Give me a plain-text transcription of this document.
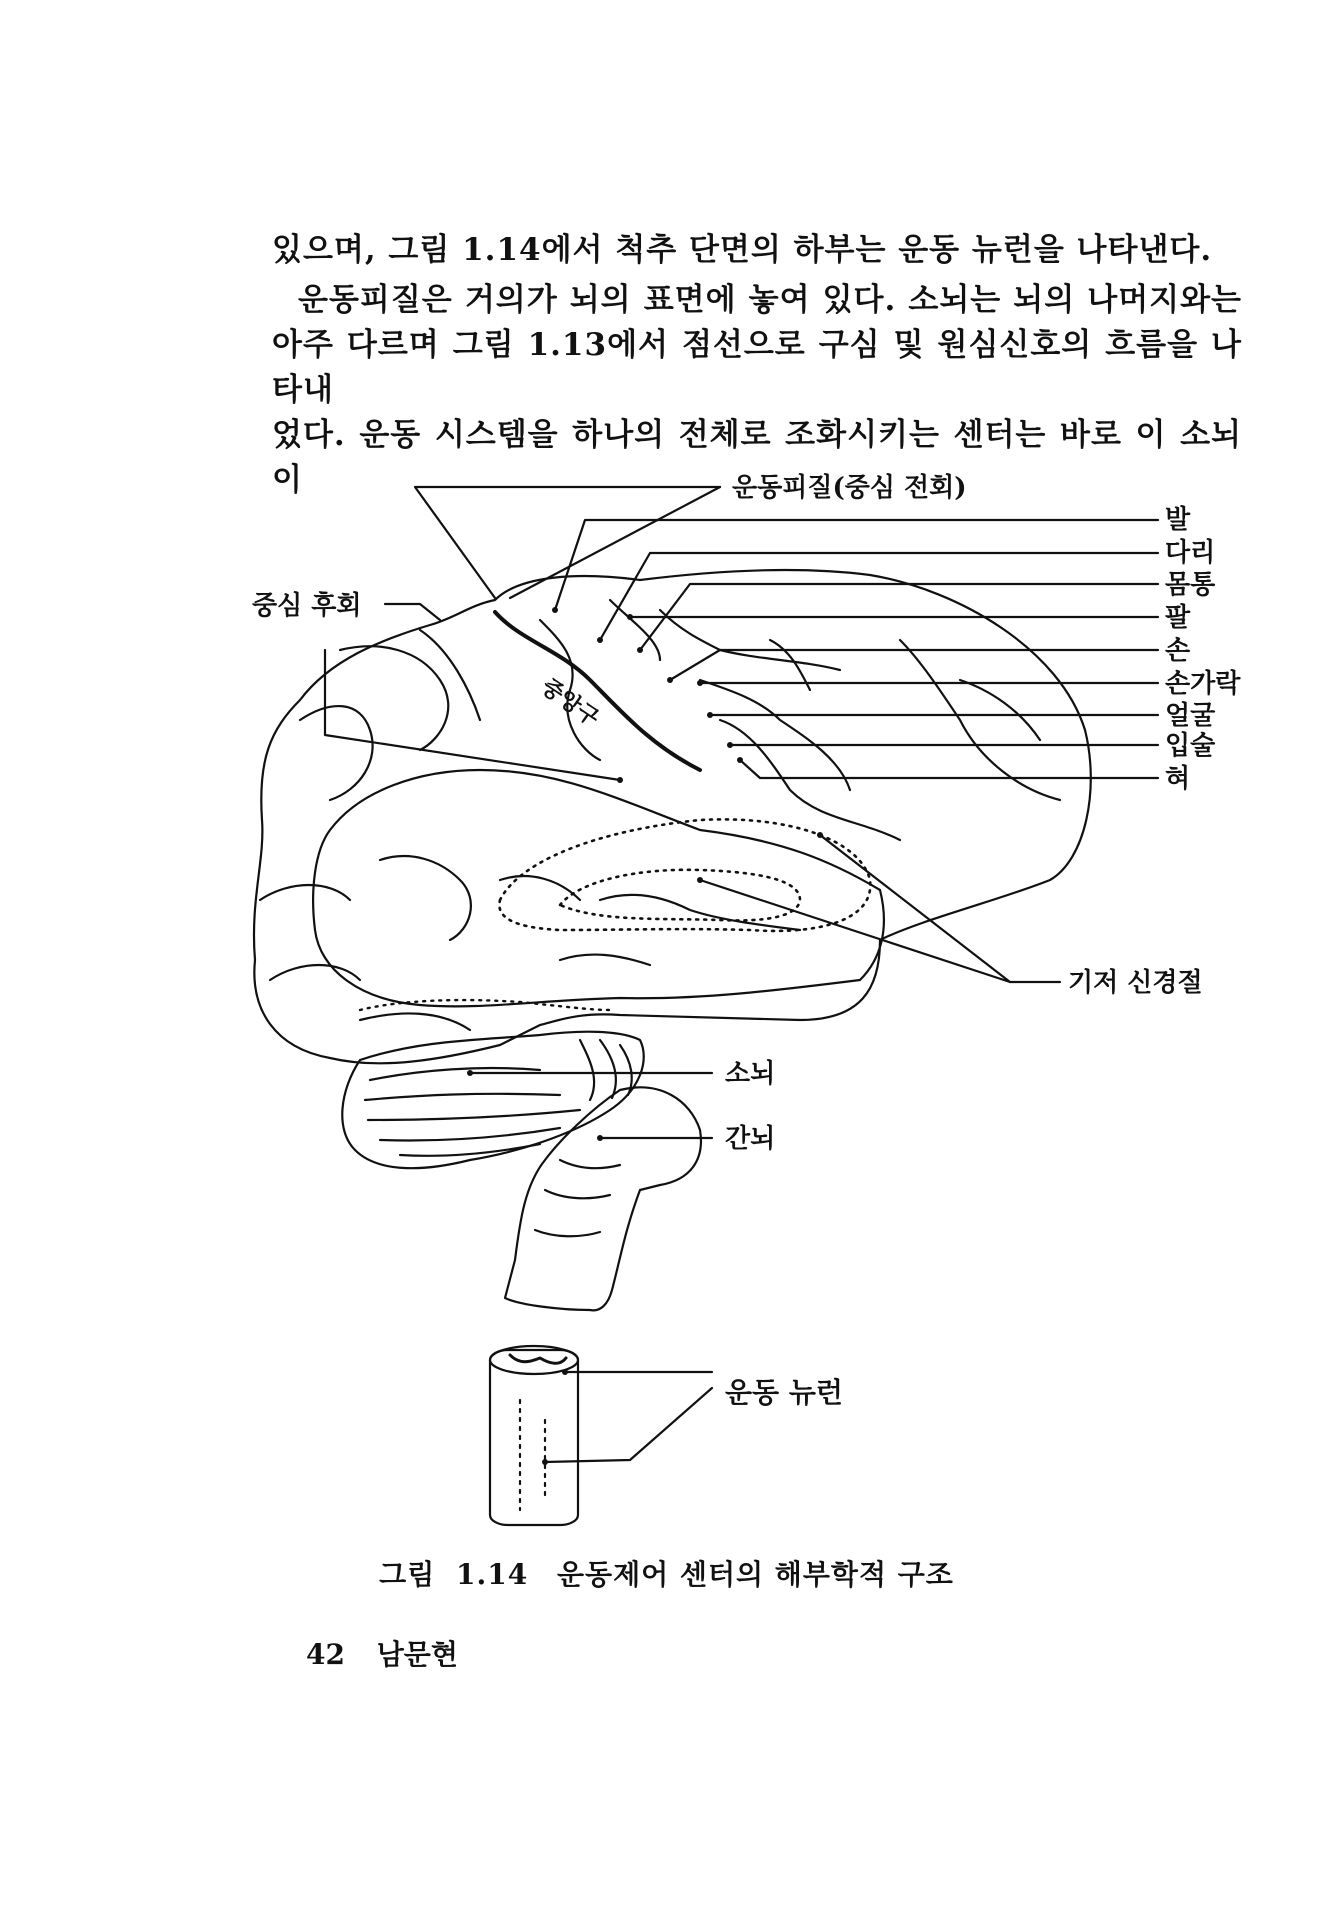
있으며, 그림 1.14에서 척추 단면의 하부는 운동 뉴런을 나타낸다.
운동피질은 거의가 뇌의 표면에 놓여 있다. 소뇌는 뇌의 나머지와는
아주 다르며 그림 1.13에서 점선으로 구심 및 원심신호의 흐름을 나타내
었다. 운동 시스템을 하나의 전체로 조화시키는 센터는 바로 이 소뇌이	운동피질(중심 전회)
중심 후회
중앙구
발
다리
몸통
팔
손
손가락
얼굴
입술
혀
기저 신경절
소뇌
간뇌
운동 뉴런
그림 1.14 운동제어 센터의 해부학적 구조
42 남문현
